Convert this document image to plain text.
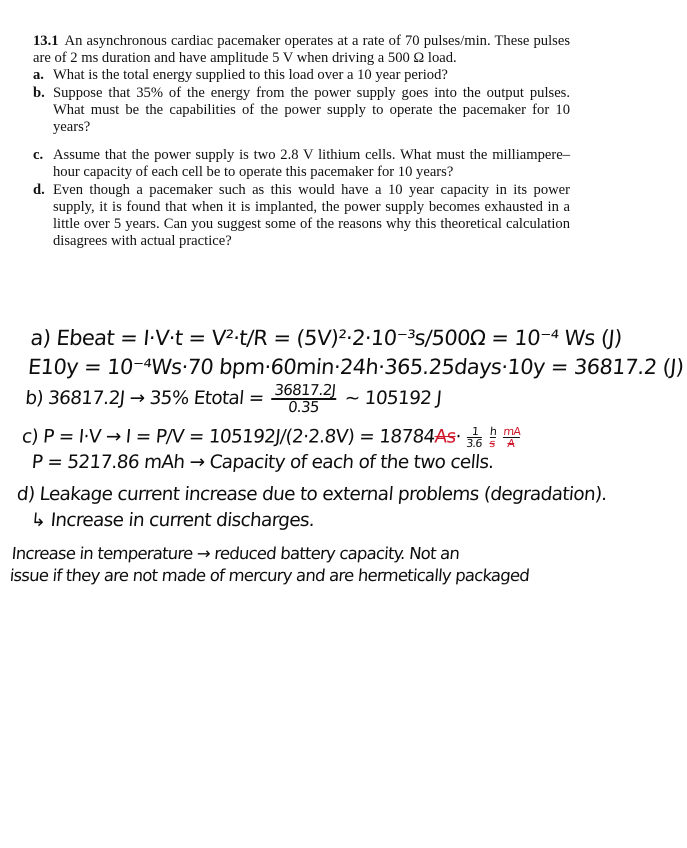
13.1 An asynchronous cardiac pacemaker operates at a rate of 70 pulses/min. These pulses are of 2 ms duration and have amplitude 5 V when driving a 500 Ω load.

a. What is the total energy supplied to this load over a 10 year period?
b. Suppose that 35% of the energy from the power supply goes into the output pulses. What must be the capabilities of the power supply to operate the pacemaker for 10 years?
c. Assume that the power supply is two 2.8 V lithium cells. What must the milliampere–hour capacity of each cell be to operate this pacemaker for 10 years?
d. Even though a pacemaker such as this would have a 10 year capacity in its power supply, it is found that when it is implanted, the power supply becomes exhausted in a little over 5 years. Can you suggest some of the reasons why this theoretical calculation disagrees with actual practice?
a) Ebeat = I·V·t = V²·t/R = (5V)²·2·10⁻³s/500Ω = 10⁻⁴ Ws (J)
E10y = 10⁻⁴Ws·70 bpm·60min·24h·365.25days·10y = 36817.2 (J)
b) 36817.2J → 35% Etotal = $\frac{36817.2J}{0.35}$ ~ 105192 J
c) $P = I\cdot V \to I = P/V = 105192J/(2\cdot 2.8V) = 18784As\cdot \frac{1}{3.6} \frac{h}{s} \frac{mA}{A}$
P = 5217.86 mAh → Capacity of each of the two cells.
d) Leakage current increase due to external problems (degradation).
↳ Increase in current discharges.
Increase in temperature → reduced battery capacity. Not an
issue if they are not made of mercury and are hermetically packaged
